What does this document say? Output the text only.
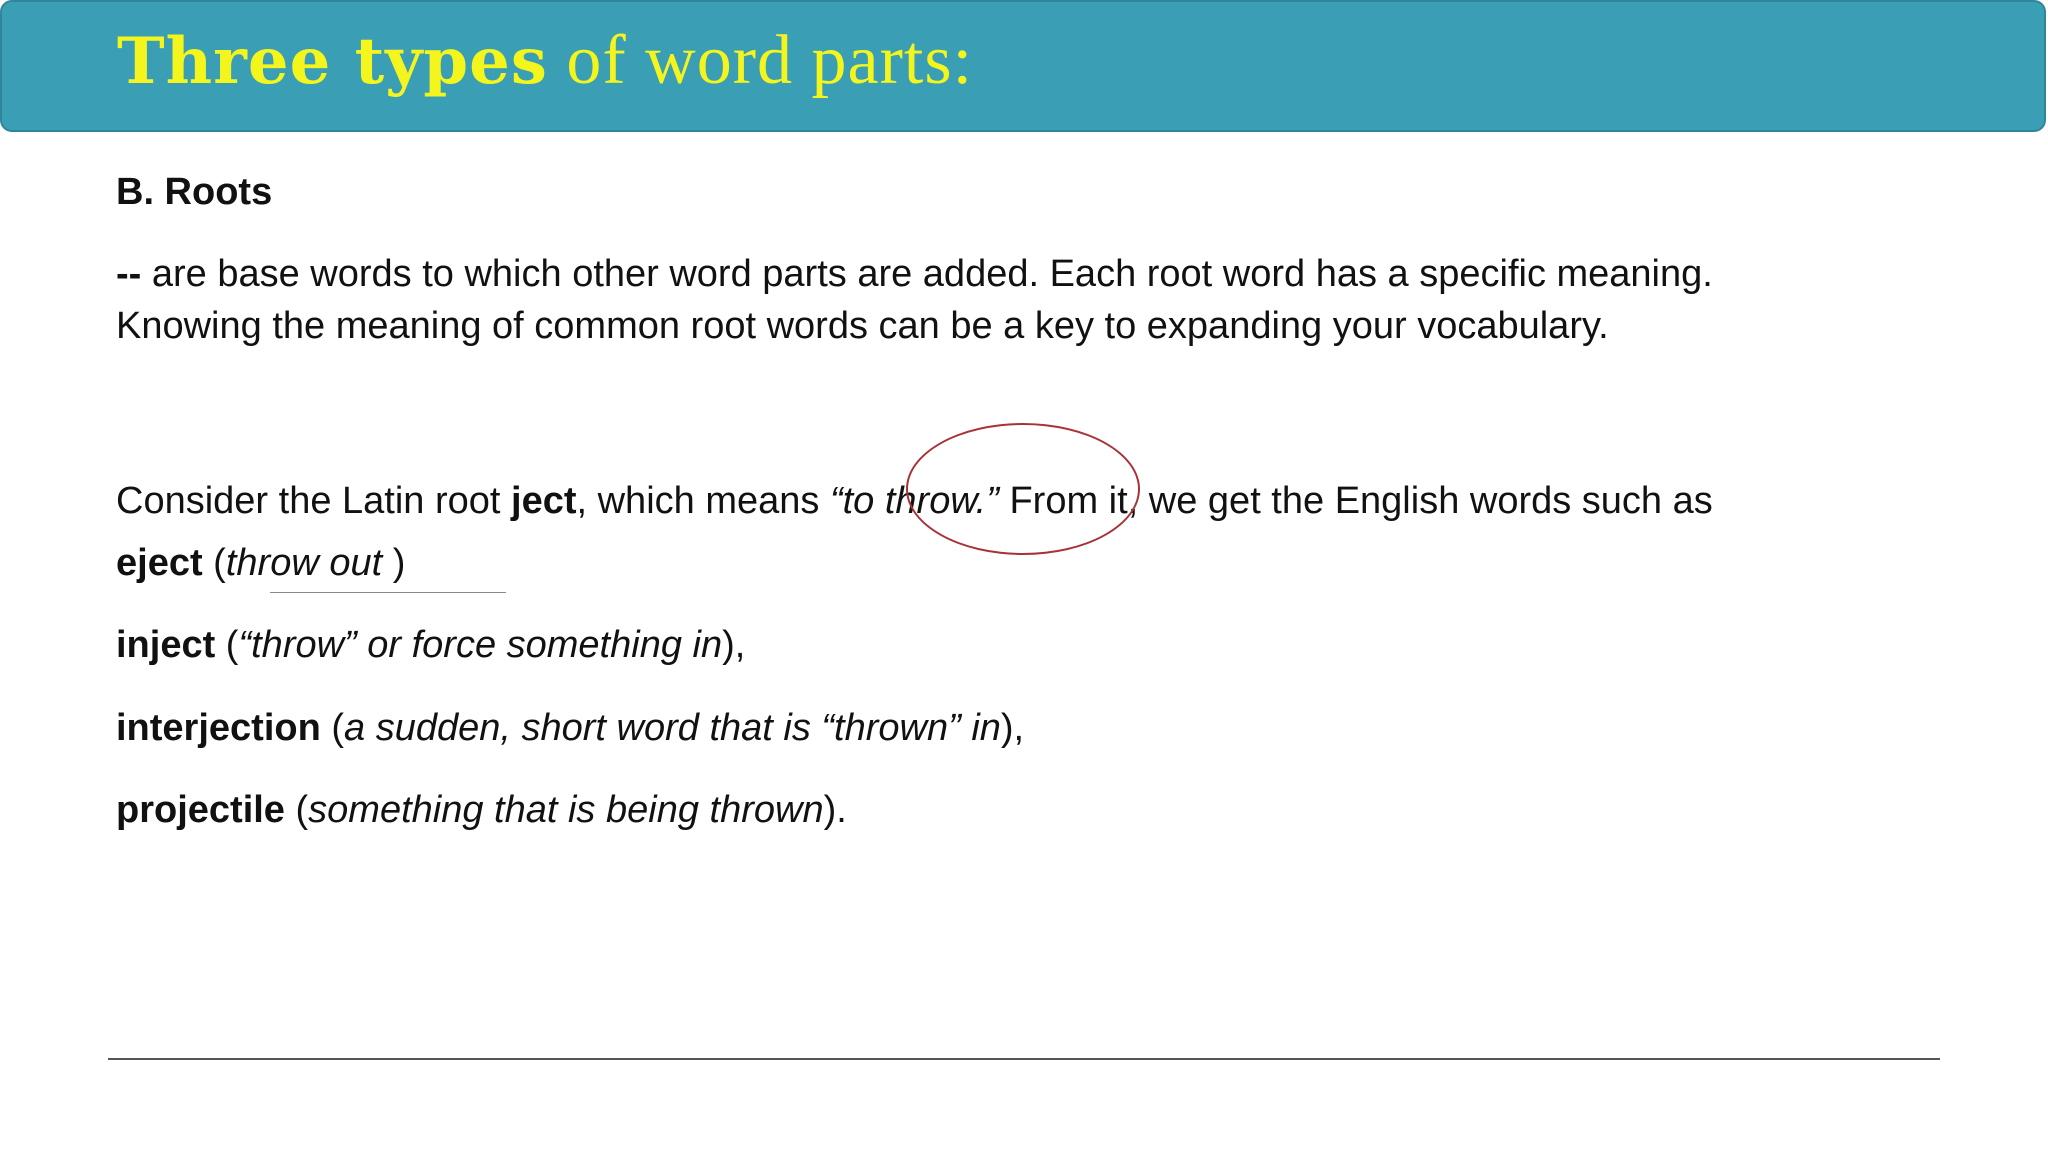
Three types of word parts:
B. Roots
-- are base words to which other word parts are added. Each root word has a specific meaning.
Knowing the meaning of common root words can be a key to expanding your vocabulary.
Consider the Latin root ject, which means “to throw.” From it, we get the English words such as
eject (throw out )
inject (“throw” or force something in),
interjection (a sudden, short word that is “thrown” in),
projectile (something that is being thrown).
